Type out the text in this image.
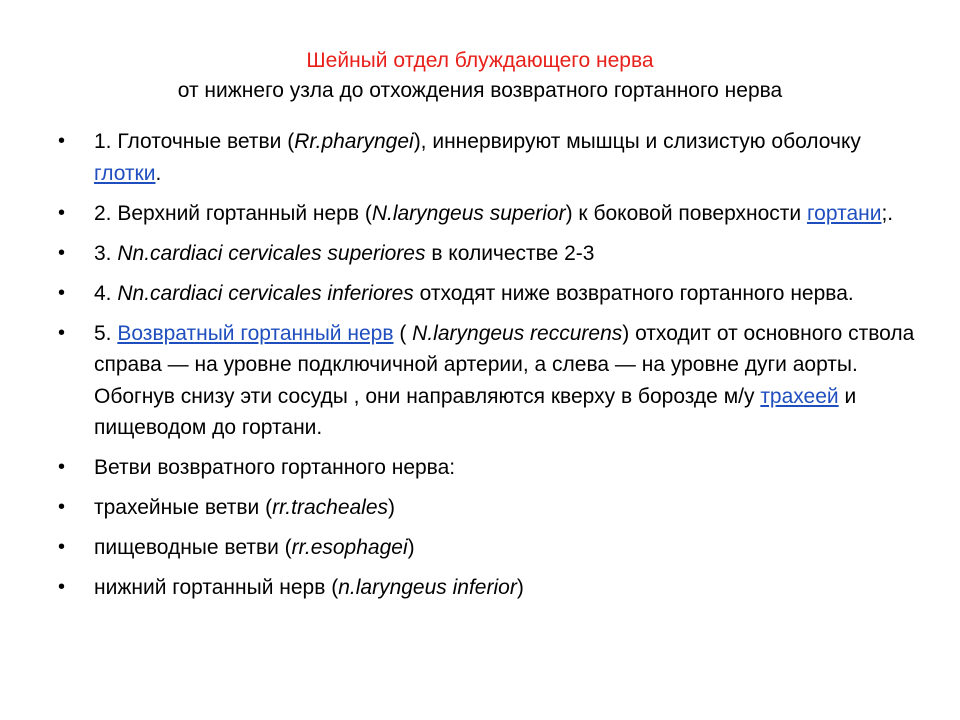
Шейный отдел блуждающего нерва
от нижнего узла до отхождения возвратного гортанного нерва
• 1. Глоточные ветви (Rr.pharyngei), иннервируют мышцы и слизистую оболочку глотки.
• 2. Верхний гортанный нерв (N.laryngeus superior) к боковой поверхности гортани;.
• 3. Nn.cardiaci cervicales superiores в количестве 2-3
• 4. Nn.cardiaci cervicales inferiores отходят ниже возвратного гортанного нерва.
• 5. Возвратный гортанный нерв ( N.laryngeus reccurens) отходит от основного ствола справа — на уровне подключичной артерии, а слева — на уровне дуги аорты. Обогнув снизу эти сосуды , они направляются кверху в борозде м/у трахеей и пищеводом до гортани.
• Ветви возвратного гортанного нерва:
• трахейные ветви (rr.tracheales)
• пищеводные ветви (rr.esophagei)
• нижний гортанный нерв (n.laryngeus inferior)
